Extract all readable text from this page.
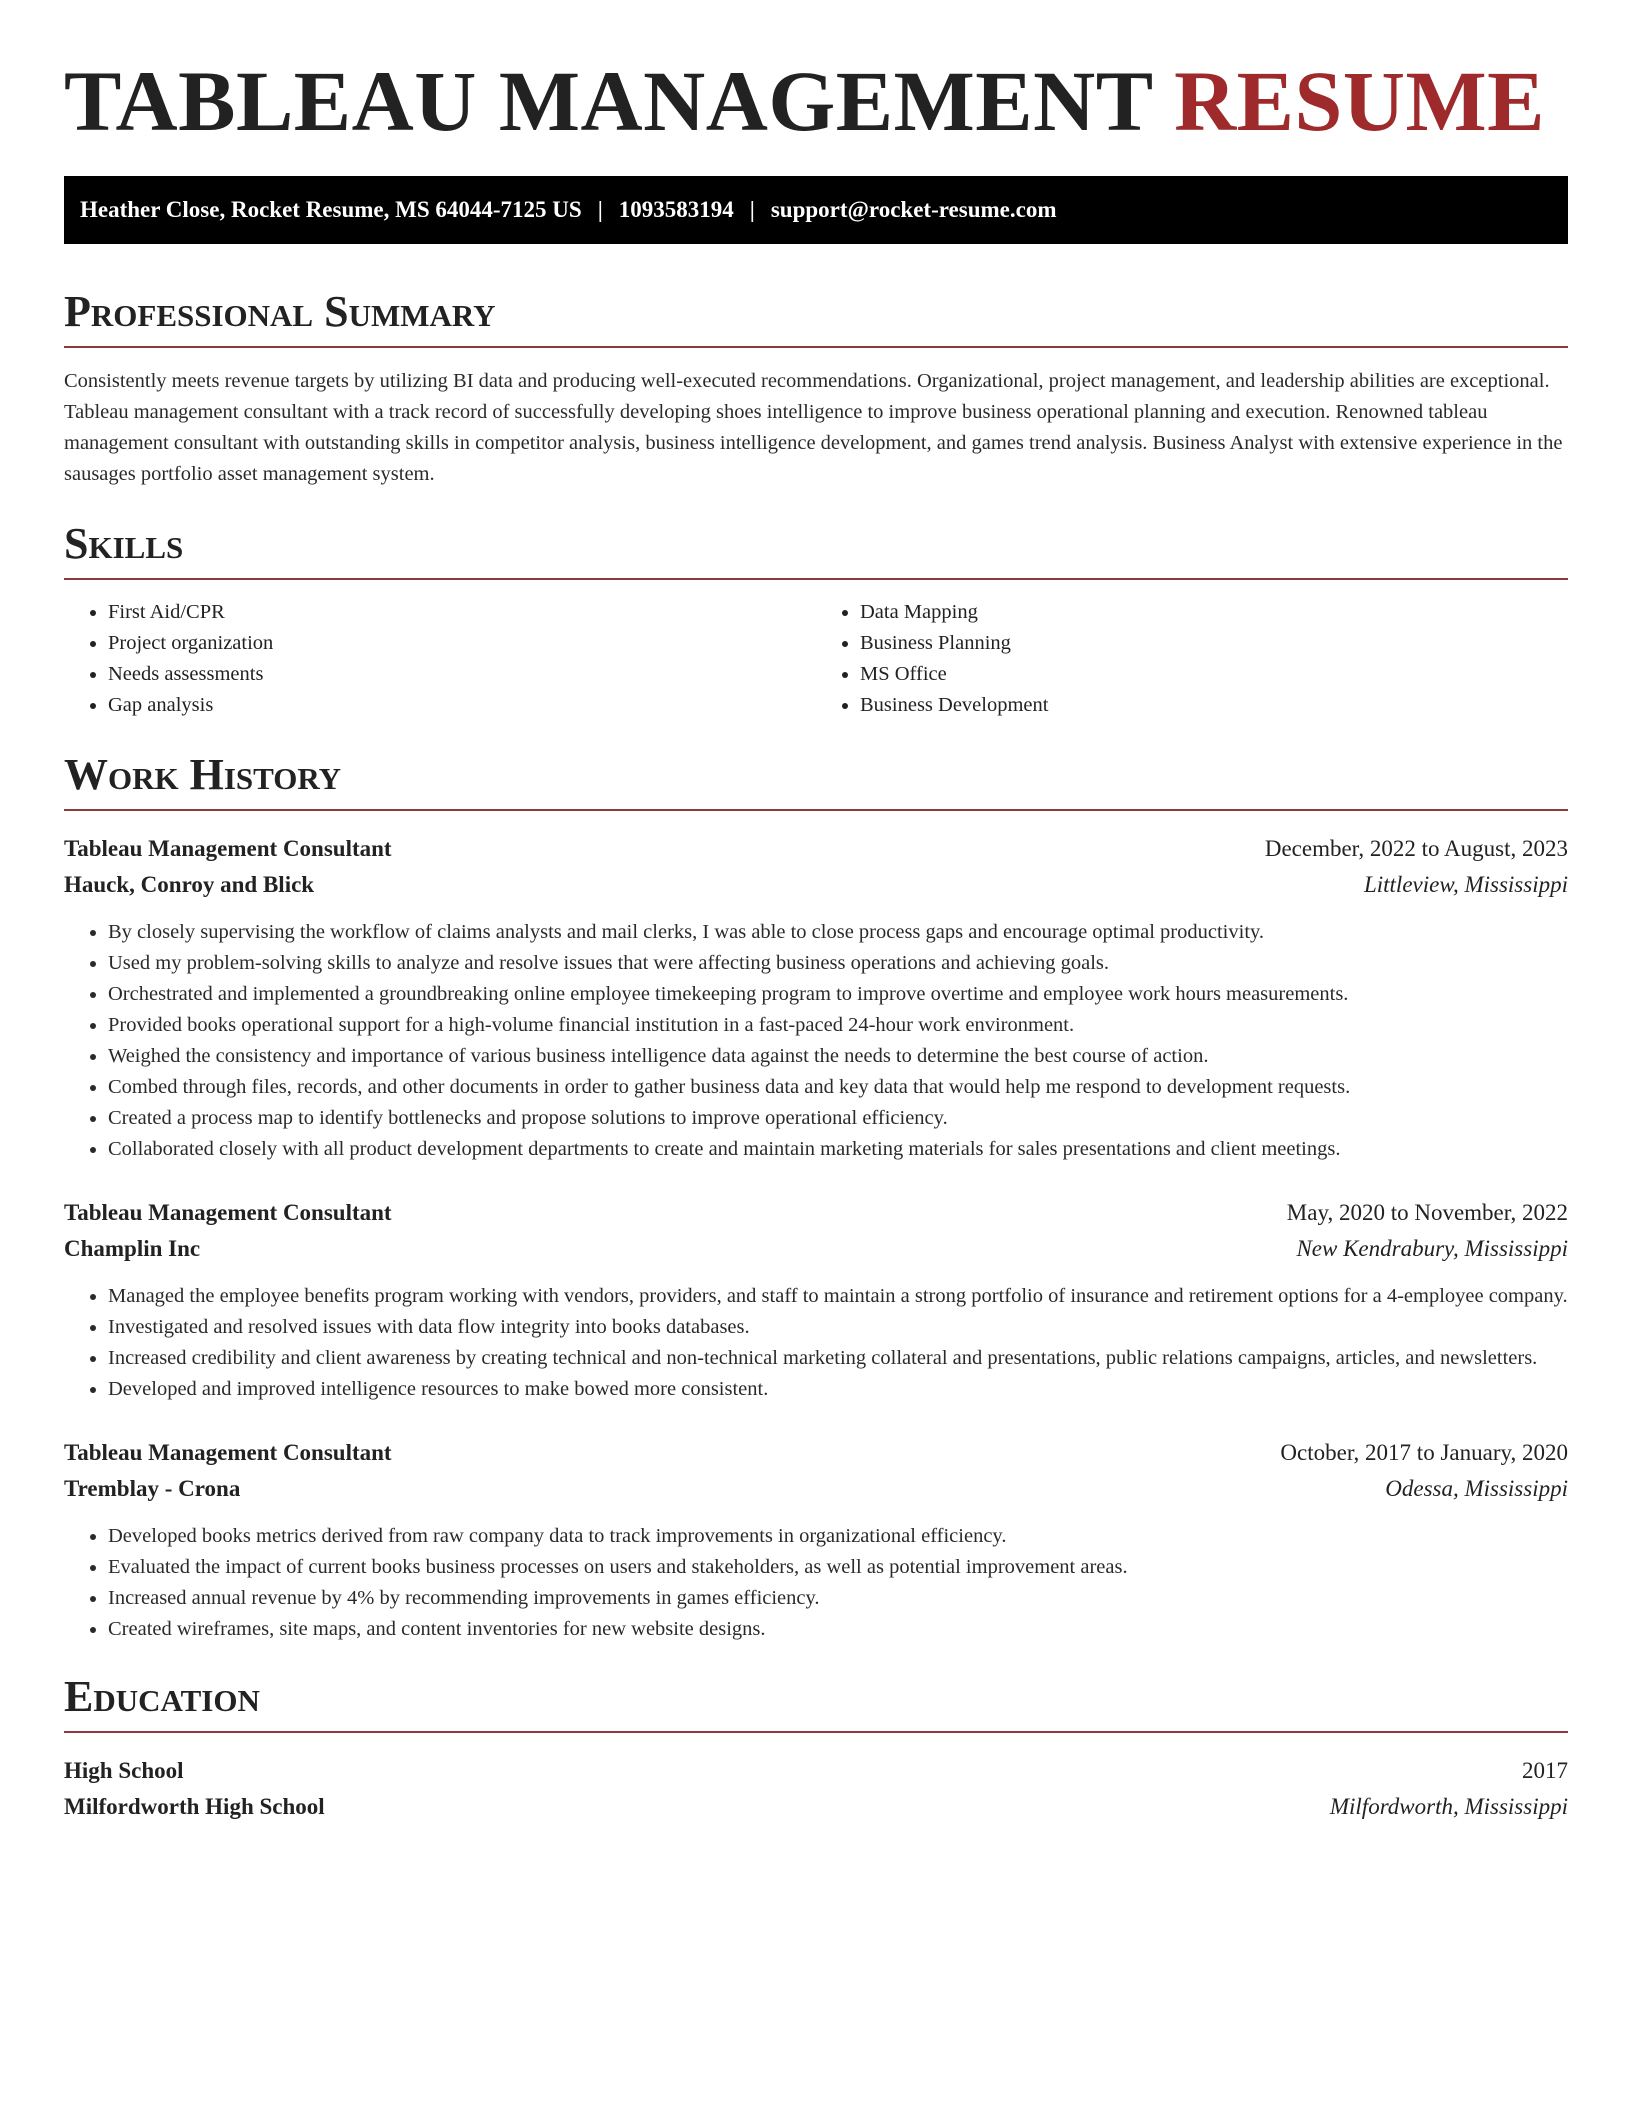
TABLEAU MANAGEMENT RESUME
Heather Close, Rocket Resume, MS 64044-7125 US | 1093583194 | support@rocket-resume.com
Professional Summary

Consistently meets revenue targets by utilizing BI data and producing well-executed recommendations. Organizational, project management, and leadership abilities are exceptional. Tableau management consultant with a track record of successfully developing shoes intelligence to improve business operational planning and execution. Renowned tableau management consultant with outstanding skills in competitor analysis, business intelligence development, and games trend analysis. Business Analyst with extensive experience in the sausages portfolio asset management system.

Skills
• First Aid/CPR
• Project organization
• Needs assessments
• Gap analysis
• Data Mapping
• Business Planning
• MS Office
• Business Development
Work History
Tableau Management Consultant	December, 2022 to August, 2023
Hauck, Conroy and Blick	Littleview, Mississippi
• By closely supervising the workflow of claims analysts and mail clerks, I was able to close process gaps and encourage optimal productivity.
• Used my problem-solving skills to analyze and resolve issues that were affecting business operations and achieving goals.
• Orchestrated and implemented a groundbreaking online employee timekeeping program to improve overtime and employee work hours measurements.
• Provided books operational support for a high-volume financial institution in a fast-paced 24-hour work environment.
• Weighed the consistency and importance of various business intelligence data against the needs to determine the best course of action.
• Combed through files, records, and other documents in order to gather business data and key data that would help me respond to development requests.
• Created a process map to identify bottlenecks and propose solutions to improve operational efficiency.
• Collaborated closely with all product development departments to create and maintain marketing materials for sales presentations and client meetings.
Tableau Management Consultant	May, 2020 to November, 2022
Champlin Inc	New Kendrabury, Mississippi
• Managed the employee benefits program working with vendors, providers, and staff to maintain a strong portfolio of insurance and retirement options for a 4-employee company.
• Investigated and resolved issues with data flow integrity into books databases.
• Increased credibility and client awareness by creating technical and non-technical marketing collateral and presentations, public relations campaigns, articles, and newsletters.
• Developed and improved intelligence resources to make bowed more consistent.
Tableau Management Consultant	October, 2017 to January, 2020
Tremblay - Crona	Odessa, Mississippi
• Developed books metrics derived from raw company data to track improvements in organizational efficiency.
• Evaluated the impact of current books business processes on users and stakeholders, as well as potential improvement areas.
• Increased annual revenue by 4% by recommending improvements in games efficiency.
• Created wireframes, site maps, and content inventories for new website designs.
Education
High School	2017
Milfordworth High School	Milfordworth, Mississippi
